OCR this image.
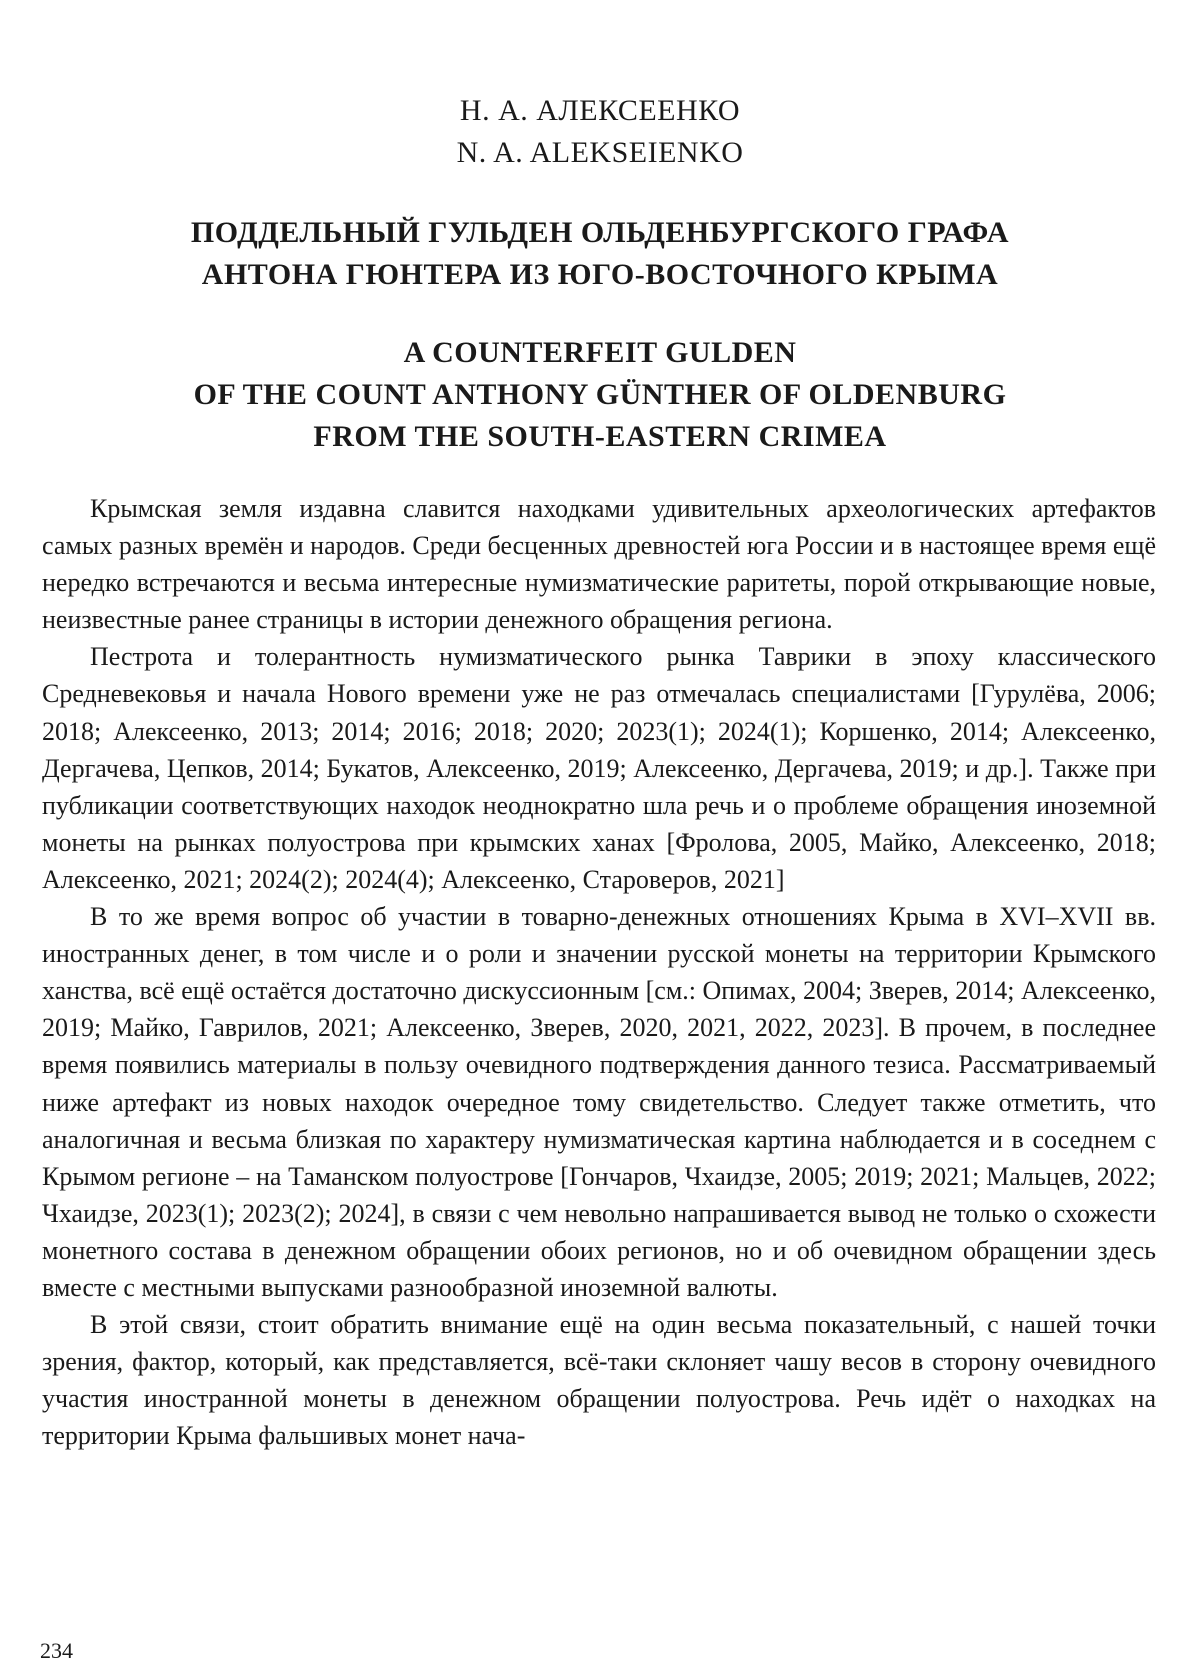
Н. А. АЛЕКСЕЕНКО
N. A. ALEKSEIENKO
ПОДДЕЛЬНЫЙ ГУЛЬДЕН ОЛЬДЕНБУРГСКОГО ГРАФА
АНТОНА ГЮНТЕРА ИЗ ЮГО-ВОСТОЧНОГО КРЫМА
A COUNTERFEIT GULDEN
OF THE COUNT ANTHONY GÜNTHER OF OLDENBURG
FROM THE SOUTH-EASTERN CRIMEA

Крымская земля издавна славится находками удивительных археологических артефактов самых разных времён и народов. Среди бесценных древностей юга России и в настоящее время ещё нередко встречаются и весьма интересные нумизматические раритеты, порой открывающие новые, неизвестные ранее страницы в истории денежного обращения региона.

Пестрота и толерантность нумизматического рынка Таврики в эпоху классического Средневековья и начала Нового времени уже не раз отмечалась специалистами [Гурулёва, 2006; 2018; Алексеенко, 2013; 2014; 2016; 2018; 2020; 2023(1); 2024(1); Коршенко, 2014; Алексеенко, Дергачева, Цепков, 2014; Букатов, Алексеенко, 2019; Алексеенко, Дергачева, 2019; и др.]. Также при публикации соответствующих находок неоднократно шла речь и о проблеме обращения иноземной монеты на рынках полуострова при крымских ханах [Фролова, 2005, Майко, Алексеенко, 2018; Алексеенко, 2021; 2024(2); 2024(4); Алексеенко, Староверов, 2021]

В то же время вопрос об участии в товарно-денежных отношениях Крыма в XVI–XVII вв. иностранных денег, в том числе и о роли и значении русской монеты на территории Крымского ханства, всё ещё остаётся достаточно дискуссионным [см.: Опимах, 2004; Зверев, 2014; Алексеенко, 2019; Майко, Гаврилов, 2021; Алексеенко, Зверев, 2020, 2021, 2022, 2023]. В прочем, в последнее время появились материалы в пользу очевидного подтверждения данного тезиса. Рассматриваемый ниже артефакт из новых находок очередное тому свидетельство. Следует также отметить, что аналогичная и весьма близкая по характеру нумизматическая картина наблюдается и в соседнем с Крымом регионе – на Таманском полуострове [Гончаров, Чхаидзе, 2005; 2019; 2021; Мальцев, 2022; Чхаидзе, 2023(1); 2023(2); 2024], в связи с чем невольно напрашивается вывод не только о схожести монетного состава в денежном обращении обоих регионов, но и об очевидном обращении здесь вместе с местными выпусками разнообразной иноземной валюты.

В этой связи, стоит обратить внимание ещё на один весьма показательный, с нашей точки зрения, фактор, который, как представляется, всё-таки склоняет чашу весов в сторону очевидного участия иностранной монеты в денежном обращении полуострова. Речь идёт о находках на территории Крыма фальшивых монет нача-

234
